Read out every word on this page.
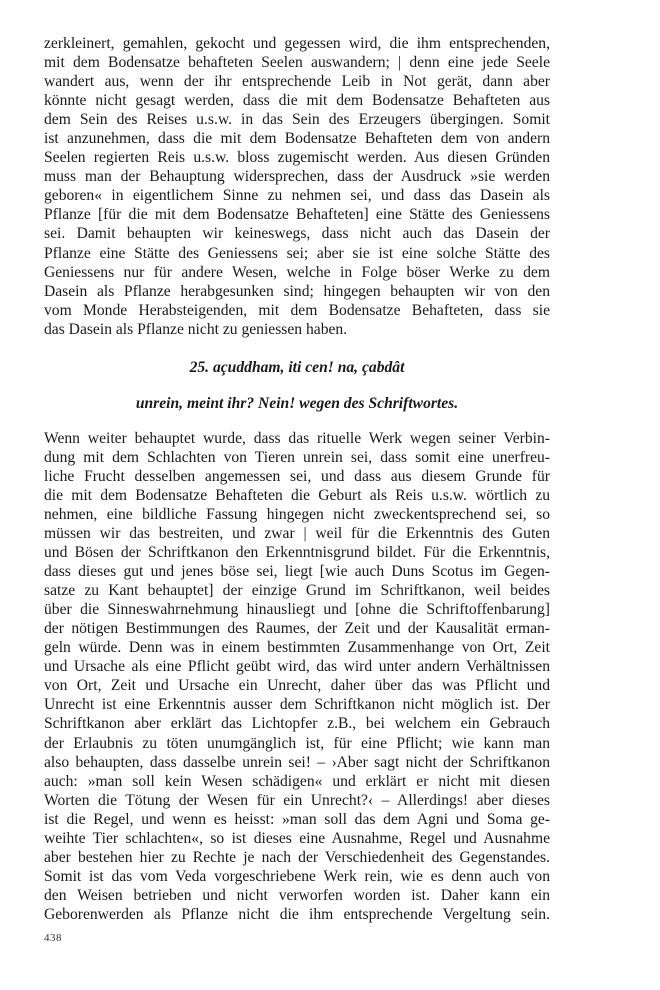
zerkleinert, gemahlen, gekocht und gegessen wird, die ihm entsprechenden,
mit dem Bodensatze behafteten Seelen auswandern; | denn eine jede Seele
wandert aus, wenn der ihr entsprechende Leib in Not gerät, dann aber
könnte nicht gesagt werden, dass die mit dem Bodensatze Behafteten aus
dem Sein des Reises u.s.w. in das Sein des Erzeugers übergingen. Somit
ist anzunehmen, dass die mit dem Bodensatze Behafteten dem von andern
Seelen regierten Reis u.s.w. bloss zugemischt werden. Aus diesen Gründen
muss man der Behauptung widersprechen, dass der Ausdruck »sie werden
geboren« in eigentlichem Sinne zu nehmen sei, und dass das Dasein als
Pflanze [für die mit dem Bodensatze Behafteten] eine Stätte des Geniessens
sei. Damit behaupten wir keineswegs, dass nicht auch das Dasein der
Pflanze eine Stätte des Geniessens sei; aber sie ist eine solche Stätte des
Geniessens nur für andere Wesen, welche in Folge böser Werke zu dem
Dasein als Pflanze herabgesunken sind; hingegen behaupten wir von den
vom Monde Herabsteigenden, mit dem Bodensatze Behafteten, dass sie
das Dasein als Pflanze nicht zu geniessen haben.
25. açuddham, iti cen! na, çabdât
unrein, meint ihr? Nein! wegen des Schriftwortes.
Wenn weiter behauptet wurde, dass das rituelle Werk wegen seiner Verbin-
dung mit dem Schlachten von Tieren unrein sei, dass somit eine unerfreu-
liche Frucht desselben angemessen sei, und dass aus diesem Grunde für
die mit dem Bodensatze Behafteten die Geburt als Reis u.s.w. wörtlich zu
nehmen, eine bildliche Fassung hingegen nicht zweckentsprechend sei, so
müssen wir das bestreiten, und zwar | weil für die Erkenntnis des Guten
und Bösen der Schriftkanon den Erkenntnisgrund bildet. Für die Erkenntnis,
dass dieses gut und jenes böse sei, liegt [wie auch Duns Scotus im Gegen-
satze zu Kant behauptet] der einzige Grund im Schriftkanon, weil beides
über die Sinneswahrnehmung hinausliegt und [ohne die Schriftoffenbarung]
der nötigen Bestimmungen des Raumes, der Zeit und der Kausalität erman-
geln würde. Denn was in einem bestimmten Zusammenhange von Ort, Zeit
und Ursache als eine Pflicht geübt wird, das wird unter andern Verhältnissen
von Ort, Zeit und Ursache ein Unrecht, daher über das was Pflicht und
Unrecht ist eine Erkenntnis ausser dem Schriftkanon nicht möglich ist. Der
Schriftkanon aber erklärt das Lichtopfer z.B., bei welchem ein Gebrauch
der Erlaubnis zu töten unumgänglich ist, für eine Pflicht; wie kann man
also behaupten, dass dasselbe unrein sei! – ›Aber sagt nicht der Schriftkanon
auch: »man soll kein Wesen schädigen« und erklärt er nicht mit diesen
Worten die Tötung der Wesen für ein Unrecht?‹ – Allerdings! aber dieses
ist die Regel, und wenn es heisst: »man soll das dem Agni und Soma ge-
weihte Tier schlachten«, so ist dieses eine Ausnahme, Regel und Ausnahme
aber bestehen hier zu Rechte je nach der Verschiedenheit des Gegenstandes.
Somit ist das vom Veda vorgeschriebene Werk rein, wie es denn auch von
den Weisen betrieben und nicht verworfen worden ist. Daher kann ein
Geborenwerden als Pflanze nicht die ihm entsprechende Vergeltung sein.
438
